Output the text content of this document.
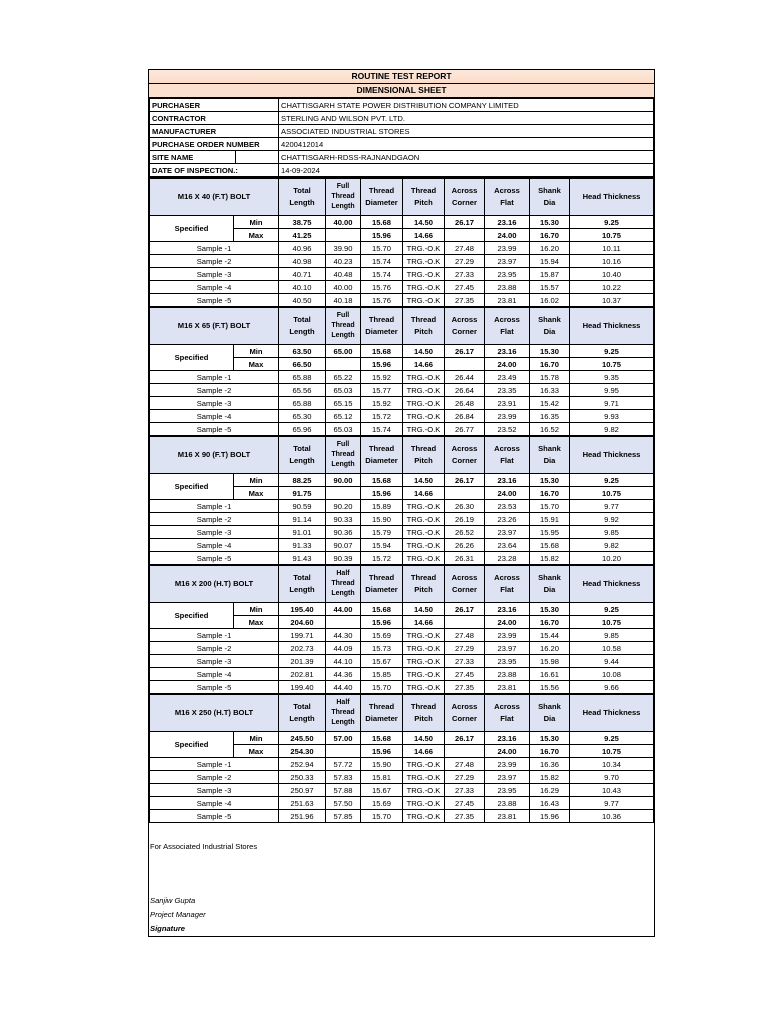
ROUTINE TEST REPORT
DIMENSIONAL SHEET
PURCHASER		CHATTISGARH STATE POWER DISTRIBUTION COMPANY LIMITED
CONTRACTOR		STERLING AND WILSON PVT. LTD.
MANUFACTURER		ASSOCIATED INDUSTRIAL STORES
PURCHASE ORDER NUMBER		4200412014
SITE NAME		CHATTISGARH-RDSS-RAJNANDGAON
DATE OF INSPECTION.:		14-09-2024
M16 X 40 (F.T) BOLT		Total Length	Full Thread Length	Thread Diameter	Thread Pitch	Across Corner	Across Flat	Shank Dia	Head Thickness
Specified	Min	38.75	40.00	15.68	14.50	26.17	23.16	15.30	9.25
	Max	41.25		15.96	14.66		24.00	16.70	10.75
Sample -1		40.96	39.90	15.70	TRG.-O.K	27.48	23.99	16.20	10.11
Sample -2		40.98	40.23	15.74	TRG.-O.K	27.29	23.97	15.94	10.16
Sample -3		40.71	40.48	15.74	TRG.-O.K	27.33	23.95	15.87	10.40
Sample -4		40.10	40.00	15.76	TRG.-O.K	27.45	23.88	15.57	10.22
Sample -5		40.50	40.18	15.76	TRG.-O.K	27.35	23.81	16.02	10.37
M16 X 65 (F.T) BOLT		Total Length	Full Thread Length	Thread Diameter	Thread Pitch	Across Corner	Across Flat	Shank Dia	Head Thickness
Specified	Min	63.50	65.00	15.68	14.50	26.17	23.16	15.30	9.25
	Max	66.50		15.96	14.66		24.00	16.70	10.75
Sample -1		65.88	65.22	15.92	TRG.-O.K	26.44	23.49	15.78	9.35
Sample -2		65.56	65.03	15.77	TRG.-O.K	26.64	23.35	16.33	9.95
Sample -3		65.88	65.15	15.92	TRG.-O.K	26.48	23.91	15.42	9.71
Sample -4		65.30	65.12	15.72	TRG.-O.K	26.84	23.99	16.35	9.93
Sample -5		65.96	65.03	15.74	TRG.-O.K	26.77	23.52	16.52	9.82
M16 X 90 (F.T) BOLT		Total Length	Full Thread Length	Thread Diameter	Thread Pitch	Across Corner	Across Flat	Shank Dia	Head Thickness
Specified	Min	88.25	90.00	15.68	14.50	26.17	23.16	15.30	9.25
	Max	91.75		15.96	14.66		24.00	16.70	10.75
Sample -1		90.59	90.20	15.89	TRG.-O.K	26.30	23.53	15.70	9.77
Sample -2		91.14	90.33	15.90	TRG.-O.K	26.19	23.26	15.91	9.92
Sample -3		91.01	90.36	15.79	TRG.-O.K	26.52	23.97	15.95	9.85
Sample -4		91.33	90.07	15.94	TRG.-O.K	26.26	23.64	15.68	9.82
Sample -5		91.43	90.39	15.72	TRG.-O.K	26.31	23.28	15.82	10.20
M16 X 200 (H.T) BOLT		Total Length	Half Thread Length	Thread Diameter	Thread Pitch	Across Corner	Across Flat	Shank Dia	Head Thickness
Specified	Min	195.40	44.00	15.68	14.50	26.17	23.16	15.30	9.25
	Max	204.60		15.96	14.66		24.00	16.70	10.75
Sample -1		199.71	44.30	15.69	TRG.-O.K	27.48	23.99	15.44	9.85
Sample -2		202.73	44.09	15.73	TRG.-O.K	27.29	23.97	16.20	10.58
Sample -3		201.39	44.10	15.67	TRG.-O.K	27.33	23.95	15.98	9.44
Sample -4		202.81	44.36	15.85	TRG.-O.K	27.45	23.88	16.61	10.08
Sample -5		199.40	44.40	15.70	TRG.-O.K	27.35	23.81	15.56	9.66
M16 X 250 (H.T) BOLT		Total Length	Half Thread Length	Thread Diameter	Thread Pitch	Across Corner	Across Flat	Shank Dia	Head Thickness
Specified	Min	245.50	57.00	15.68	14.50	26.17	23.16	15.30	9.25
	Max	254.30		15.96	14.66		24.00	16.70	10.75
Sample -1		252.94	57.72	15.90	TRG.-O.K	27.48	23.99	16.36	10.34
Sample -2		250.33	57.83	15.81	TRG.-O.K	27.29	23.97	15.82	9.70
Sample -3		250.97	57.88	15.67	TRG.-O.K	27.33	23.95	16.29	10.43
Sample -4		251.63	57.50	15.69	TRG.-O.K	27.45	23.88	16.43	9.77
Sample -5		251.96	57.85	15.70	TRG.-O.K	27.35	23.81	15.96	10.36
For Associated Industrial Stores
Sanjiw Gupta
Project Manager
Signature
